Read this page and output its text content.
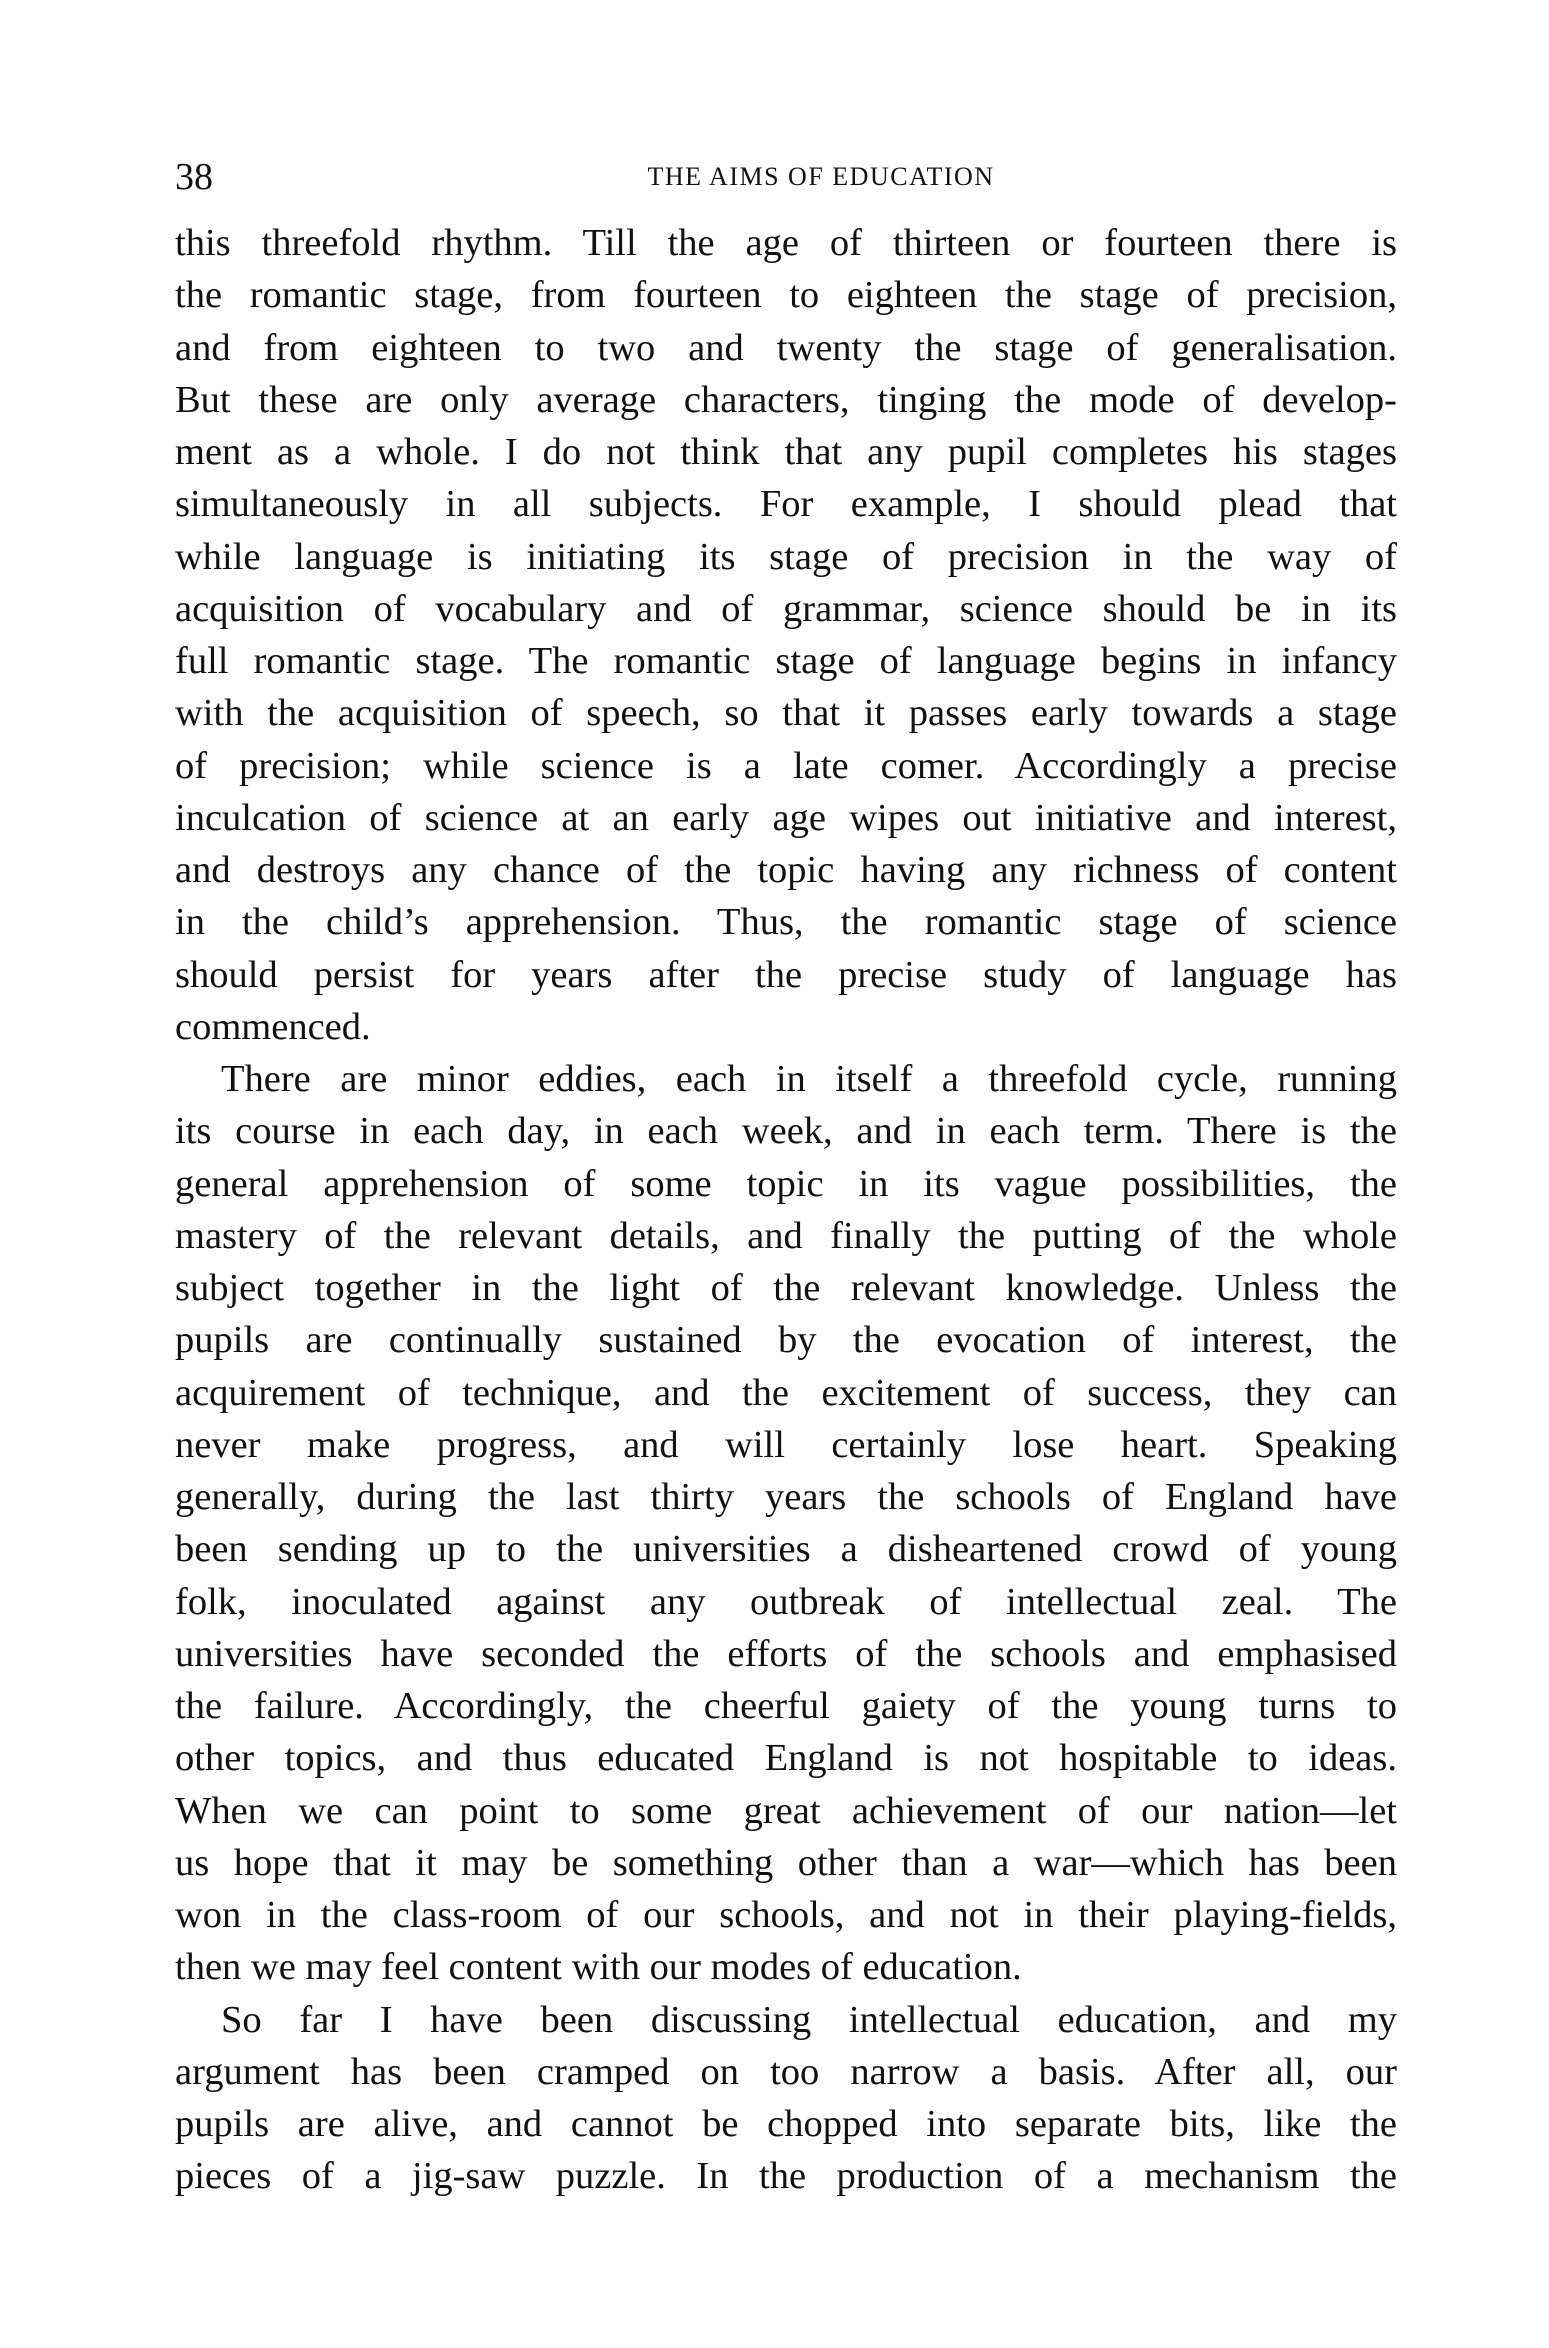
38	THE AIMS OF EDUCATION
this threefold rhythm. Till the age of thirteen or fourteen there is
the romantic stage, from fourteen to eighteen the stage of precision,
and from eighteen to two and twenty the stage of generalisation.
But these are only average characters, tinging the mode of develop-
ment as a whole. I do not think that any pupil completes his stages
simultaneously in all subjects. For example, I should plead that
while language is initiating its stage of precision in the way of
acquisition of vocabulary and of grammar, science should be in its
full romantic stage. The romantic stage of language begins in infancy
with the acquisition of speech, so that it passes early towards a stage
of precision; while science is a late comer. Accordingly a precise
inculcation of science at an early age wipes out initiative and interest,
and destroys any chance of the topic having any richness of content
in the child’s apprehension. Thus, the romantic stage of science
should persist for years after the precise study of language has
commenced.
There are minor eddies, each in itself a threefold cycle, running
its course in each day, in each week, and in each term. There is the
general apprehension of some topic in its vague possibilities, the
mastery of the relevant details, and finally the putting of the whole
subject together in the light of the relevant knowledge. Unless the
pupils are continually sustained by the evocation of interest, the
acquirement of technique, and the excitement of success, they can
never make progress, and will certainly lose heart. Speaking
generally, during the last thirty years the schools of England have
been sending up to the universities a disheartened crowd of young
folk, inoculated against any outbreak of intellectual zeal. The
universities have seconded the efforts of the schools and emphasised
the failure. Accordingly, the cheerful gaiety of the young turns to
other topics, and thus educated England is not hospitable to ideas.
When we can point to some great achievement of our nation—let
us hope that it may be something other than a war—which has been
won in the class-room of our schools, and not in their playing-fields,
then we may feel content with our modes of education.
So far I have been discussing intellectual education, and my
argument has been cramped on too narrow a basis. After all, our
pupils are alive, and cannot be chopped into separate bits, like the
pieces of a jig-saw puzzle. In the production of a mechanism the
